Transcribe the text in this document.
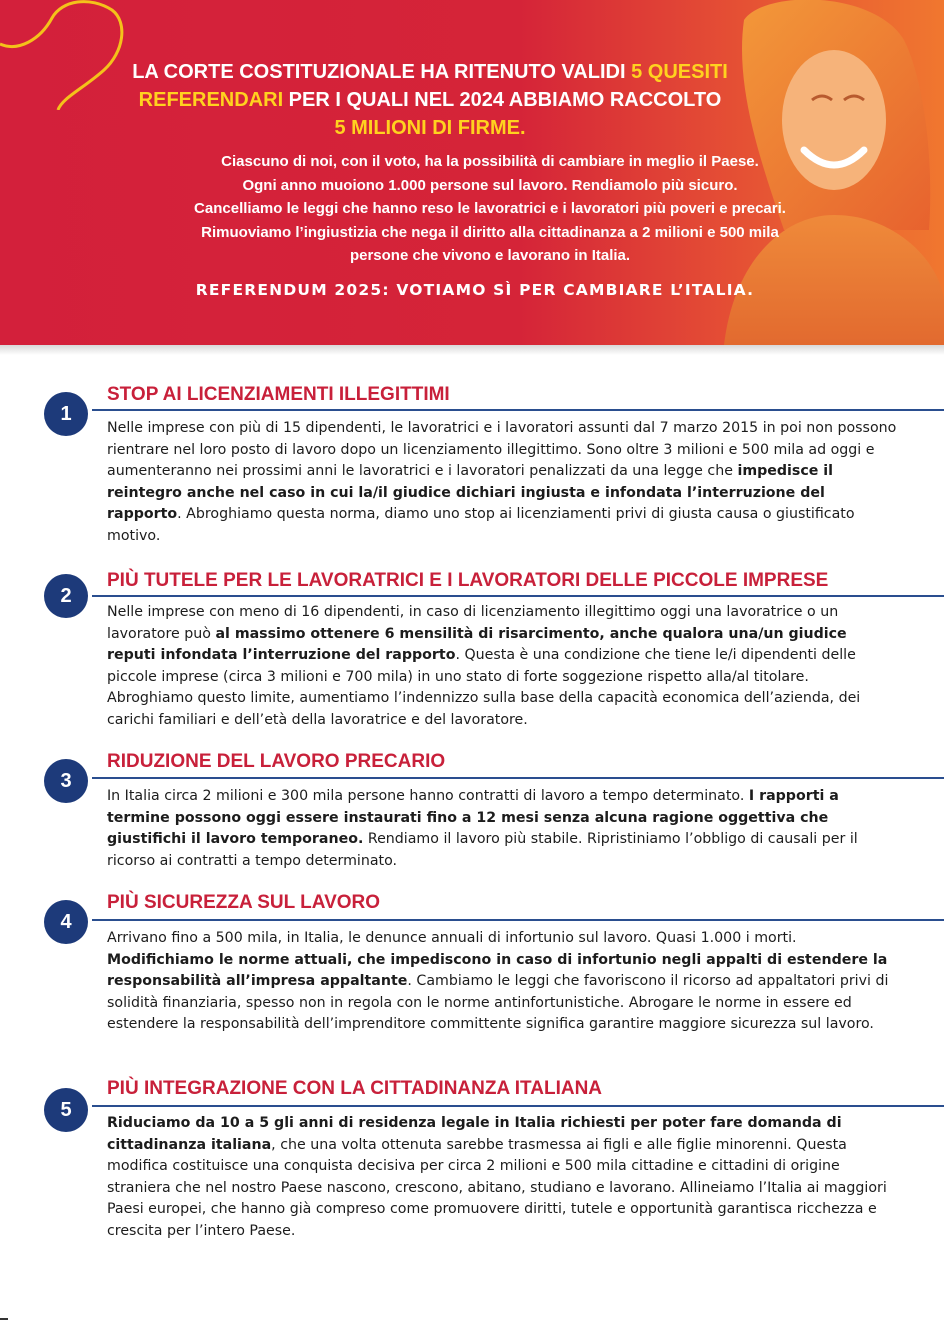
LA CORTE COSTITUZIONALE HA RITENUTO VALIDI 5 QUESITI
REFERENDARI PER I QUALI NEL 2024 ABBIAMO RACCOLTO
5 MILIONI DI FIRME.
Ciascuno di noi, con il voto, ha la possibilità di cambiare in meglio il Paese.
Ogni anno muoiono 1.000 persone sul lavoro. Rendiamolo più sicuro.
Cancelliamo le leggi che hanno reso le lavoratrici e i lavoratori più poveri e precari.
Rimuoviamo l’ingiustizia che nega il diritto alla cittadinanza a 2 milioni e 500 mila
persone che vivono e lavorano in Italia.
REFERENDUM 2025: VOTIAMO SÌ PER CAMBIARE L’ITALIA.
STOP AI LICENZIAMENTI ILLEGITTIMI
1
Nelle imprese con più di 15 dipendenti, le lavoratrici e i lavoratori assunti dal 7 marzo 2015 in poi non possono rientrare nel loro posto di lavoro dopo un licenziamento illegittimo. Sono oltre 3 milioni e 500 mila ad oggi e aumenteranno nei prossimi anni le lavoratrici e i lavoratori penalizzati da una legge che impedisce il reintegro anche nel caso in cui la/il giudice dichiari ingiusta e infondata l’interruzione del rapporto. Abroghiamo questa norma, diamo uno stop ai licenziamenti privi di giusta causa o giustificato motivo.
PIÙ TUTELE PER LE LAVORATRICI E I LAVORATORI DELLE PICCOLE IMPRESE
2
Nelle imprese con meno di 16 dipendenti, in caso di licenziamento illegittimo oggi una lavoratrice o un lavoratore può al massimo ottenere 6 mensilità di risarcimento, anche qualora una/un giudice reputi infondata l’interruzione del rapporto. Questa è una condizione che tiene le/i dipendenti delle piccole imprese (circa 3 milioni e 700 mila) in uno stato di forte soggezione rispetto alla/al titolare. Abroghiamo questo limite, aumentiamo l’indennizzo sulla base della capacità economica dell’azienda, dei carichi familiari e dell’età della lavoratrice e del lavoratore.
RIDUZIONE DEL LAVORO PRECARIO
3
In Italia circa 2 milioni e 300 mila persone hanno contratti di lavoro a tempo determinato. I rapporti a termine possono oggi essere instaurati fino a 12 mesi senza alcuna ragione oggettiva che giustifichi il lavoro temporaneo. Rendiamo il lavoro più stabile. Ripristiniamo l’obbligo di causali per il ricorso ai contratti a tempo determinato.
PIÙ SICUREZZA SUL LAVORO
4
Arrivano fino a 500 mila, in Italia, le denunce annuali di infortunio sul lavoro. Quasi 1.000 i morti. Modifichiamo le norme attuali, che impediscono in caso di infortunio negli appalti di estendere la responsabilità all’impresa appaltante. Cambiamo le leggi che favoriscono il ricorso ad appaltatori privi di solidità finanziaria, spesso non in regola con le norme antinfortunistiche. Abrogare le norme in essere ed estendere la responsabilità dell’imprenditore committente significa garantire maggiore sicurezza sul lavoro.
PIÙ INTEGRAZIONE CON LA CITTADINANZA ITALIANA
5
Riduciamo da 10 a 5 gli anni di residenza legale in Italia richiesti per poter fare domanda di cittadinanza italiana, che una volta ottenuta sarebbe trasmessa ai figli e alle figlie minorenni. Questa modifica costituisce una conquista decisiva per circa 2 milioni e 500 mila cittadine e cittadini di origine straniera che nel nostro Paese nascono, crescono, abitano, studiano e lavorano. Allineiamo l’Italia ai maggiori Paesi europei, che hanno già compreso come promuovere diritti, tutele e opportunità garantisca ricchezza e
crescita per l’intero Paese.
